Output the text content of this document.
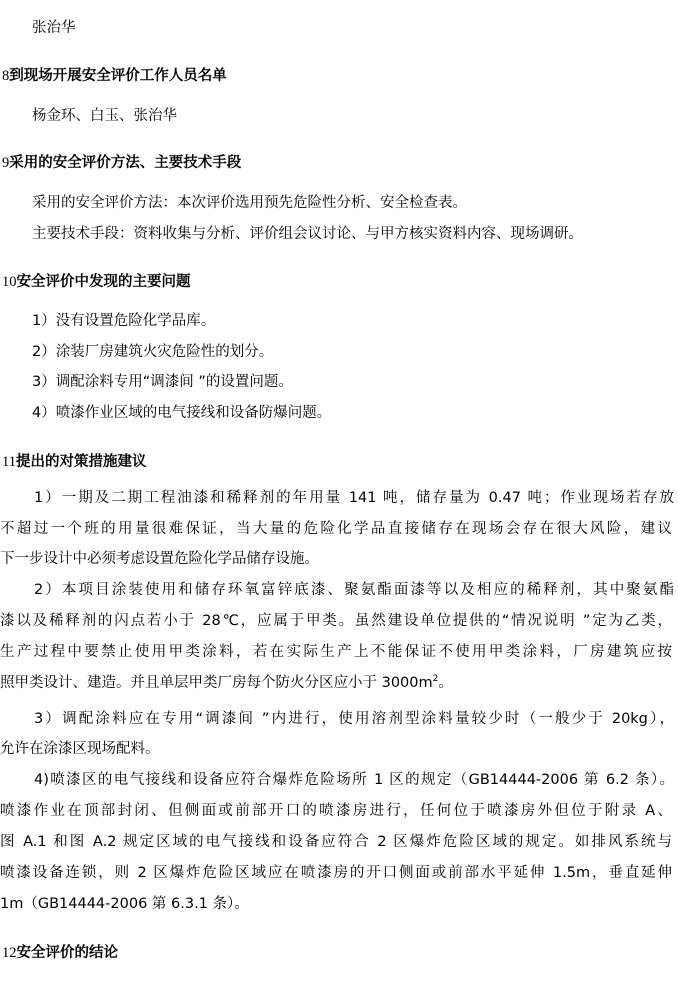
张治华
8到现场开展安全评价工作人员名单
杨金环、白玉、张治华
9采用的安全评价方法、主要技术手段
采用的安全评价方法：本次评价选用预先危险性分析、安全检查表。
主要技术手段：资料收集与分析、评价组会议讨论、与甲方核实资料内容、现场调研。
10安全评价中发现的主要问题
1）没有设置危险化学品库。
2）涂装厂房建筑火灾危险性的划分。
3）调配涂料专用“调漆间 ”的设置问题。
4）喷漆作业区域的电气接线和设备防爆问题。
11提出的对策措施建议
1）一期及二期工程油漆和稀释剂的年用量 141 吨，储存量为 0.47 吨；作业现场若存放
不超过一个班的用量很难保证，当大量的危险化学品直接储存在现场会存在很大风险，建议
下一步设计中必须考虑设置危险化学品储存设施。
2）本项目涂装使用和储存环氧富锌底漆、聚氨酯面漆等以及相应的稀释剂，其中聚氨酯
漆以及稀释剂的闪点若小于 28℃，应属于甲类。虽然建设单位提供的“情况说明 ”定为乙类，
生产过程中要禁止使用甲类涂料，若在实际生产上不能保证不使用甲类涂料，厂房建筑应按
照甲类设计、建造。并且单层甲类厂房每个防火分区应小于 $3000m^2$。
3）调配涂料应在专用“调漆间 ”内进行，使用溶剂型涂料量较少时（一般少于 20kg），
允许在涂漆区现场配料。
4)喷漆区的电气接线和设备应符合爆炸危险场所 1 区的规定（GB14444-2006 第 6.2 条）。
喷漆作业在顶部封闭、但侧面或前部开口的喷漆房进行，任何位于喷漆房外但位于附录 A、
图 A.1 和图 A.2 规定区域的电气接线和设备应符合 2 区爆炸危险区域的规定。如排风系统与
喷漆设备连锁，则 2 区爆炸危险区域应在喷漆房的开口侧面或前部水平延伸 1.5m，垂直延伸
1m（GB14444-2006 第 6.3.1 条）。
12安全评价的结论
